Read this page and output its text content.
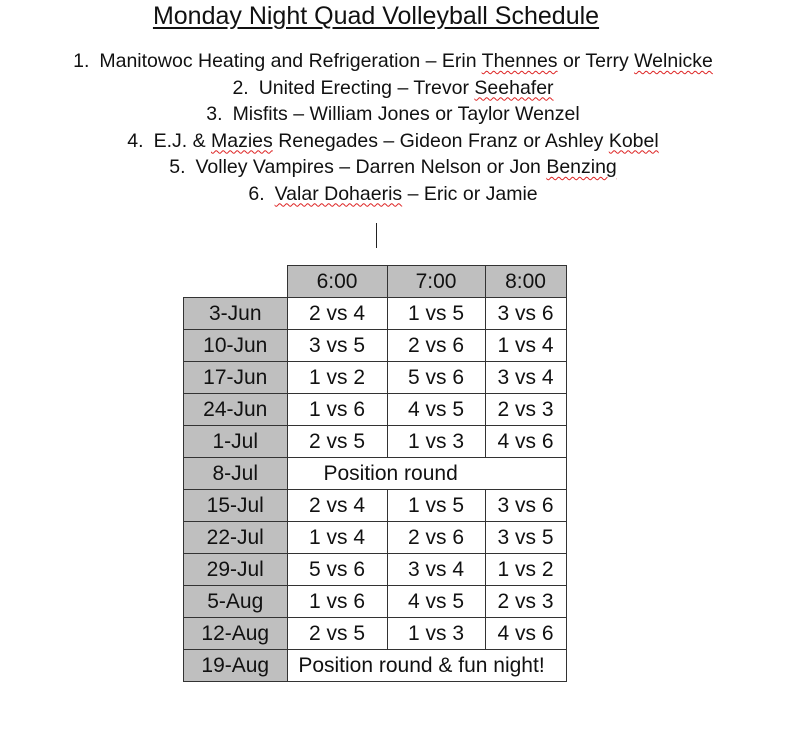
Monday Night Quad Volleyball Schedule
1. Manitowoc Heating and Refrigeration – Erin Thennes or Terry Welnicke
2. United Erecting – Trevor Seehafer
3. Misfits – William Jones or Taylor Wenzel
4. E.J. & Mazies Renegades – Gideon Franz or Ashley Kobel
5. Volley Vampires – Darren Nelson or Jon Benzing
6. Valar Dohaeris – Eric or Jamie
	6:00	7:00	8:00
3-Jun	2 vs 4	1 vs 5	3 vs 6
10-Jun	3 vs 5	2 vs 6	1 vs 4
17-Jun	1 vs 2	5 vs 6	3 vs 4
24-Jun	1 vs 6	4 vs 5	2 vs 3
1-Jul	2 vs 5	1 vs 3	4 vs 6
8-Jul	Position round		
15-Jul	2 vs 4	1 vs 5	3 vs 6
22-Jul	1 vs 4	2 vs 6	3 vs 5
29-Jul	5 vs 6	3 vs 4	1 vs 2
5-Aug	1 vs 6	4 vs 5	2 vs 3
12-Aug	2 vs 5	1 vs 3	4 vs 6
19-Aug	Position round & fun night!		
